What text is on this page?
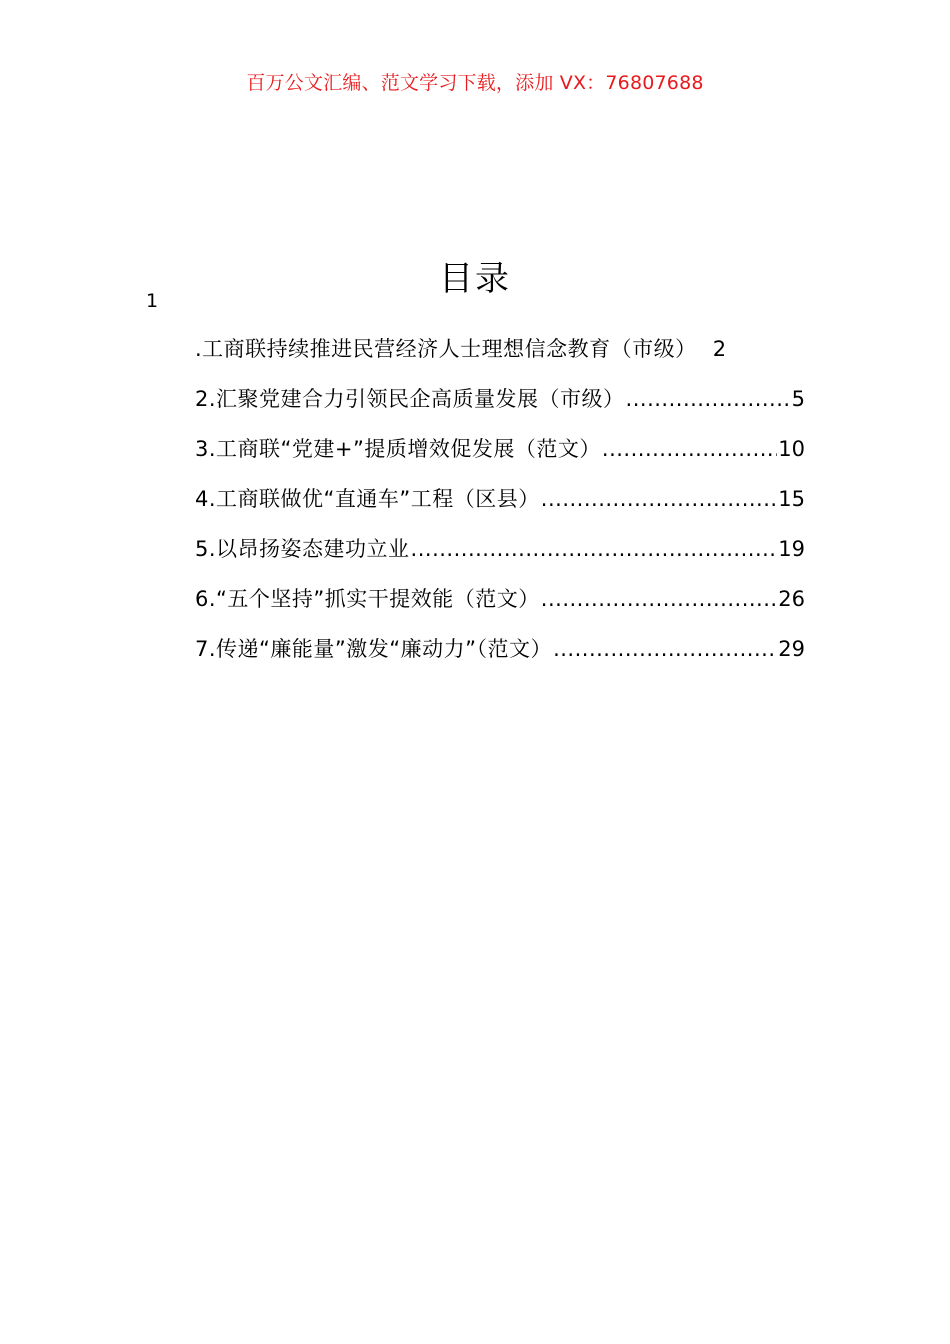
百万公文汇编、范文学习下载，添加 VX：76807688
目录
1
.工商联持续推进民营经济人士理想信念教育（市级） 2
2.汇聚党建合力引领民企高质量发展（市级） .....	5
3.工商联“党建+”提质增效促发展（范文） .....	10
4.工商联做优“直通车”工程（区县） .....	15
5.以昂扬姿态建功立业 .....	19
6.“五个坚持”抓实干提效能（范文） .....	26
7.传递“廉能量”激发“廉动力”（范文） .....	29
